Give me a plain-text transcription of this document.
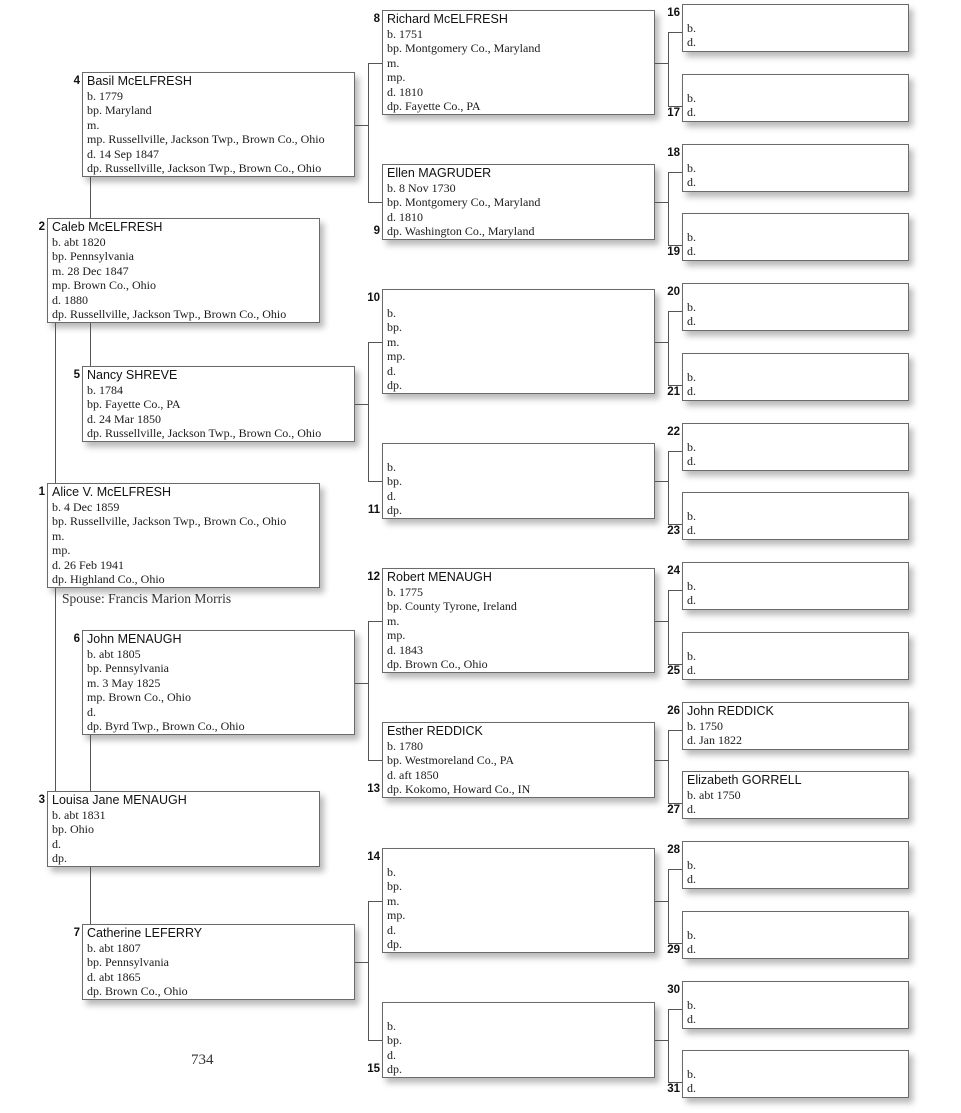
Alice V. McELFRESH
b. 4 Dec 1859
bp. Russellville, Jackson Twp., Brown Co., Ohio
m.
mp.
d. 26 Feb 1941
dp. Highland Co., Ohio
1
Caleb McELFRESH
b. abt 1820
bp. Pennsylvania
m. 28 Dec 1847
mp. Brown Co., Ohio
d. 1880
dp. Russellville, Jackson Twp., Brown Co., Ohio
2
Louisa Jane MENAUGH
b. abt 1831
bp. Ohio
d.
dp.
3
Basil McELFRESH
b. 1779
bp. Maryland
m.
mp. Russellville, Jackson Twp., Brown Co., Ohio
d. 14 Sep 1847
dp. Russellville, Jackson Twp., Brown Co., Ohio
4
Nancy SHREVE
b. 1784
bp. Fayette Co., PA
d. 24 Mar 1850
dp. Russellville, Jackson Twp., Brown Co., Ohio
5
John MENAUGH
b. abt 1805
bp. Pennsylvania
m. 3 May 1825
mp. Brown Co., Ohio
d.
dp. Byrd Twp., Brown Co., Ohio
6
Catherine LEFERRY
b. abt 1807
bp. Pennsylvania
d. abt 1865
dp. Brown Co., Ohio
7
Richard McELFRESH
b. 1751
bp. Montgomery Co., Maryland
m.
mp.
d. 1810
dp. Fayette Co., PA
8
Ellen MAGRUDER
b. 8 Nov 1730
bp. Montgomery Co., Maryland
d. 1810
dp. Washington Co., Maryland
9

b.
bp.
m.
mp.
d.
dp.
10

b.
bp.
d.
dp.
11
Robert MENAUGH
b. 1775
bp. County Tyrone, Ireland
m.
mp.
d. 1843
dp. Brown Co., Ohio
12
Esther REDDICK
b. 1780
bp. Westmoreland Co., PA
d. aft 1850
dp. Kokomo, Howard Co., IN
13

b.
bp.
m.
mp.
d.
dp.
14

b.
bp.
d.
dp.
15

b.
d.
16

b.
d.
17

b.
d.
18

b.
d.
19

b.
d.
20

b.
d.
21

b.
d.
22

b.
d.
23

b.
d.
24

b.
d.
25
John REDDICK
b. 1750
d. Jan 1822
26
Elizabeth GORRELL
b. abt 1750
d.
27

b.
d.
28

b.
d.
29

b.
d.
30

b.
d.
31
Spouse: Francis Marion Morris
734
